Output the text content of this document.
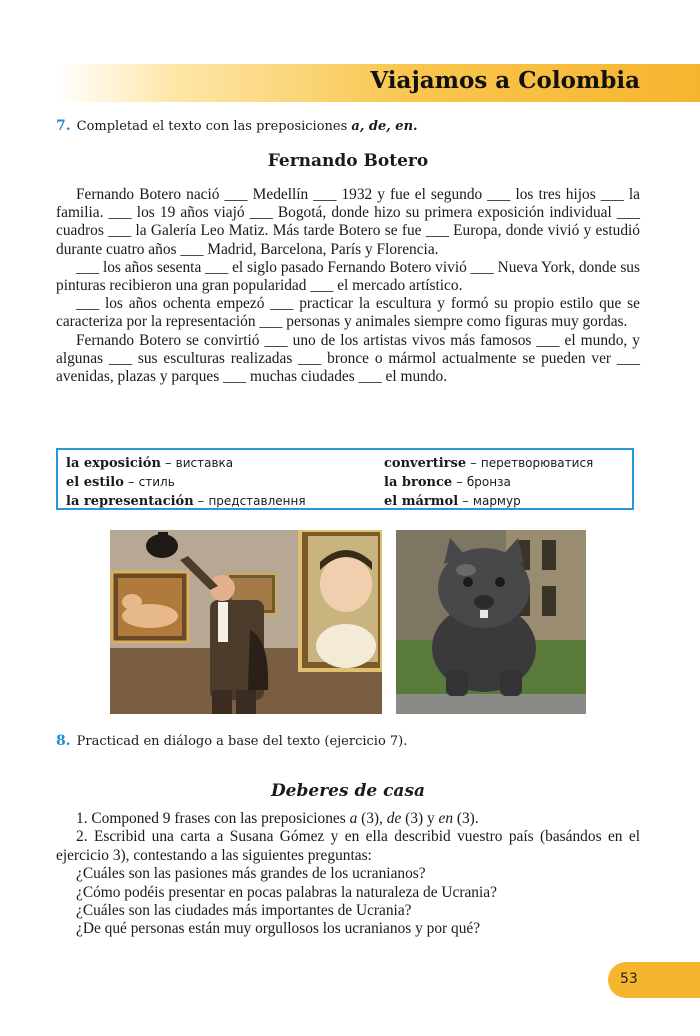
Viajamos a Colombia
7. Completad el texto con las preposiciones a, de, en.
Fernando Botero

Fernando Botero nació ___ Medellín ___ 1932 y fue el segundo ___ los tres hijos ___ la familia. ___ los 19 años viajó ___ Bogotá, donde hizo su primera exposición individual ___ cuadros ___ la Galería Leo Matiz. Más tarde Botero se fue ___ Europa, donde vivió y estudió durante cuatro años ___ Madrid, Barcelona, París y Florencia.

___ los años sesenta ___ el siglo pasado Fernando Botero vivió ___ Nueva York, donde sus pinturas recibieron una gran popularidad ___ el mercado artístico.

___ los años ochenta empezó ___ practicar la escultura y formó su propio estilo que se caracteriza por la representación ___ personas y animales siempre como figuras muy gordas.

Fernando Botero se convirtió ___ uno de los artistas vivos más famosos ___ el mundo, y algunas ___ sus esculturas realizadas ___ bronce o mármol actualmente se pueden ver ___ avenidas, plazas y parques ___ muchas ciudades ___ el mundo.

la exposición – виставка
el estilo – стиль
la representación – представлення
convertirse – перетворюватися
la bronce – бронза
el mármol – мармур
8. Practicad en diálogo a base del texto (ejercicio 7).
Deberes de casa

1. Componed 9 frases con las preposiciones a (3), de (3) y en (3).

2. Escribid una carta a Susana Gómez y en ella describid vuestro país (basándos en el ejercicio 3), contestando a las siguientes preguntas:

¿Cuáles son las pasiones más grandes de los ucranianos?

¿Cómo podéis presentar en pocas palabras la naturaleza de Ucrania?

¿Cuáles son las ciudades más importantes de Ucrania?

¿De qué personas están muy orgullosos los ucranianos y por qué?

53
